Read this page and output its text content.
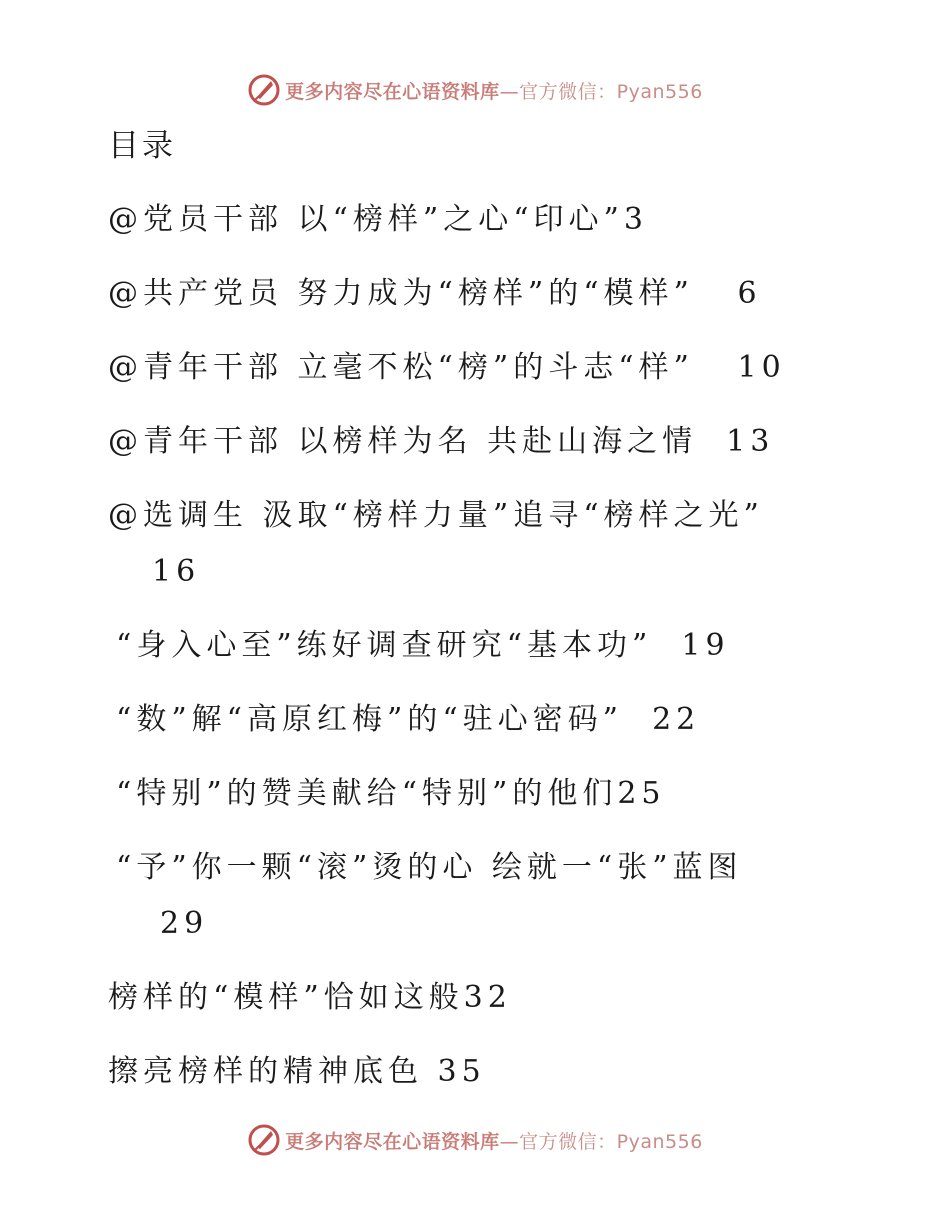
更多内容尽在心语资料库—官方微信：Pyan556
目录
@党员干部 以“榜样”之心“印心”3
@共产党员 努力成为“榜样”的“模样”   6
@青年干部 立毫不松“榜”的斗志“样”   10
@青年干部 以榜样为名 共赴山海之情  13
@选调生 汲取“榜样力量”追寻“榜样之光”
16
“身入心至”练好调查研究“基本功”  19
“数”解“高原红梅”的“驻心密码”  22
“特别”的赞美献给“特别”的他们25
“予”你一颗“滚”烫的心 绘就一“张”蓝图
29
榜样的“模样”恰如这般32
擦亮榜样的精神底色 35
更多内容尽在心语资料库—官方微信：Pyan556
